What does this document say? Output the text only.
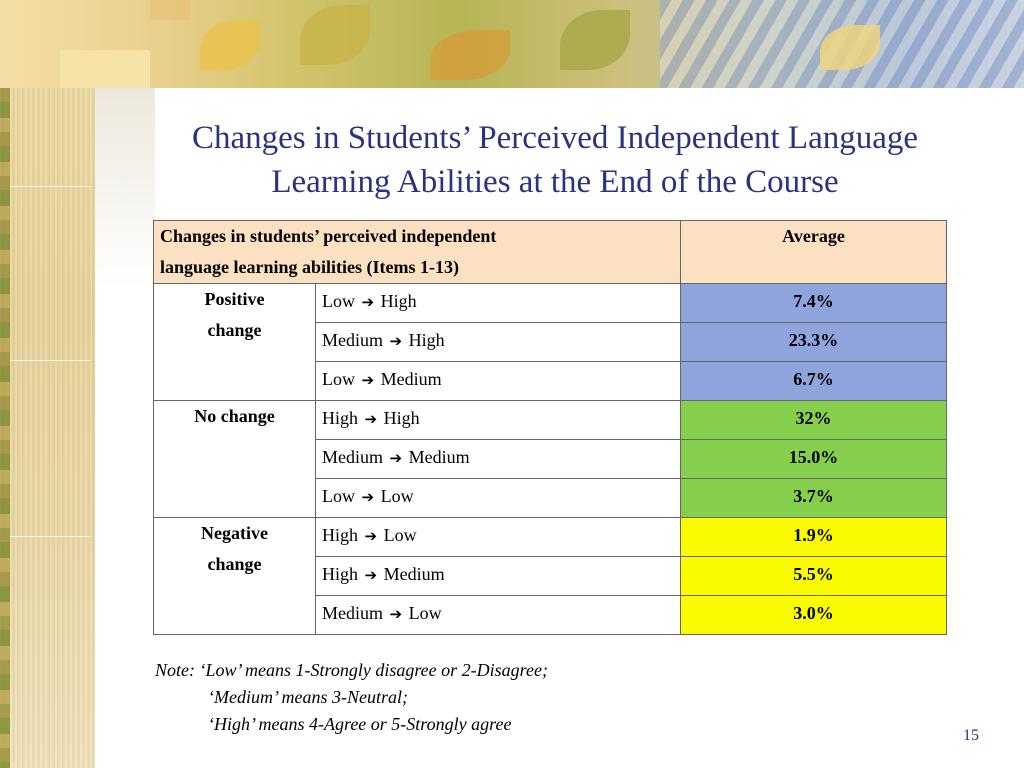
Changes in Students’ Perceived Independent Language
Learning Abilities at the End of the Course
Changes in students’ perceived independent
language learning abilities (Items 1-13)		Average

Positive
change	Low ➔ High	7.4%
	Medium ➔ High	23.3%
	Low ➔ Medium	6.7%

No change	High ➔ High	32%
	Medium ➔ Medium	15.0%
	Low ➔ Low	3.7%

Negative
change	High ➔ Low	1.9%
	High ➔ Medium	5.5%
	Medium ➔ Low	3.0%
Note: ‘Low’ means 1-Strongly disagree or 2-Disagree;
‘Medium’ means 3-Neutral;
‘High’ means 4-Agree or 5-Strongly agree
15
